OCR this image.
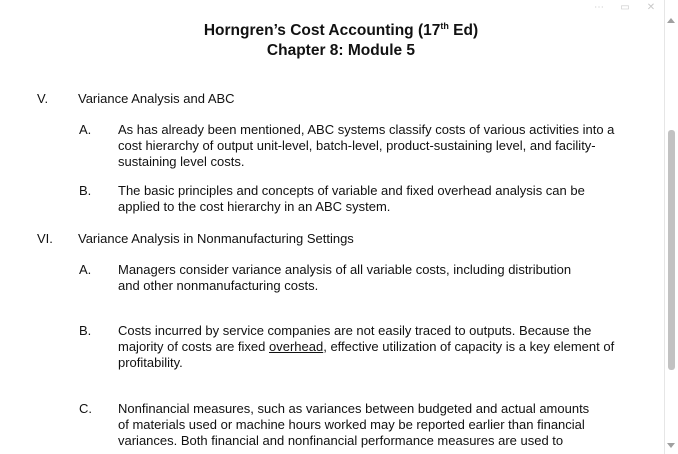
⋯ ▭ ✕
Horngren’s Cost Accounting (17th Ed)
Chapter 8: Module 5
V. Variance Analysis and ABC
A. As has already been mentioned, ABC systems classify costs of various activities into a
cost hierarchy of output unit-level, batch-level, product-sustaining level, and facility-
sustaining level costs.
B. The basic principles and concepts of variable and fixed overhead analysis can be
applied to the cost hierarchy in an ABC system.
VI. Variance Analysis in Nonmanufacturing Settings
A. Managers consider variance analysis of all variable costs, including distribution
and other nonmanufacturing costs.
B. Costs incurred by service companies are not easily traced to outputs. Because the
majority of costs are fixed overhead, effective utilization of capacity is a key element of
profitability.
C. Nonfinancial measures, such as variances between budgeted and actual amounts
of materials used or machine hours worked may be reported earlier than financial
variances. Both financial and nonfinancial performance measures are used to
